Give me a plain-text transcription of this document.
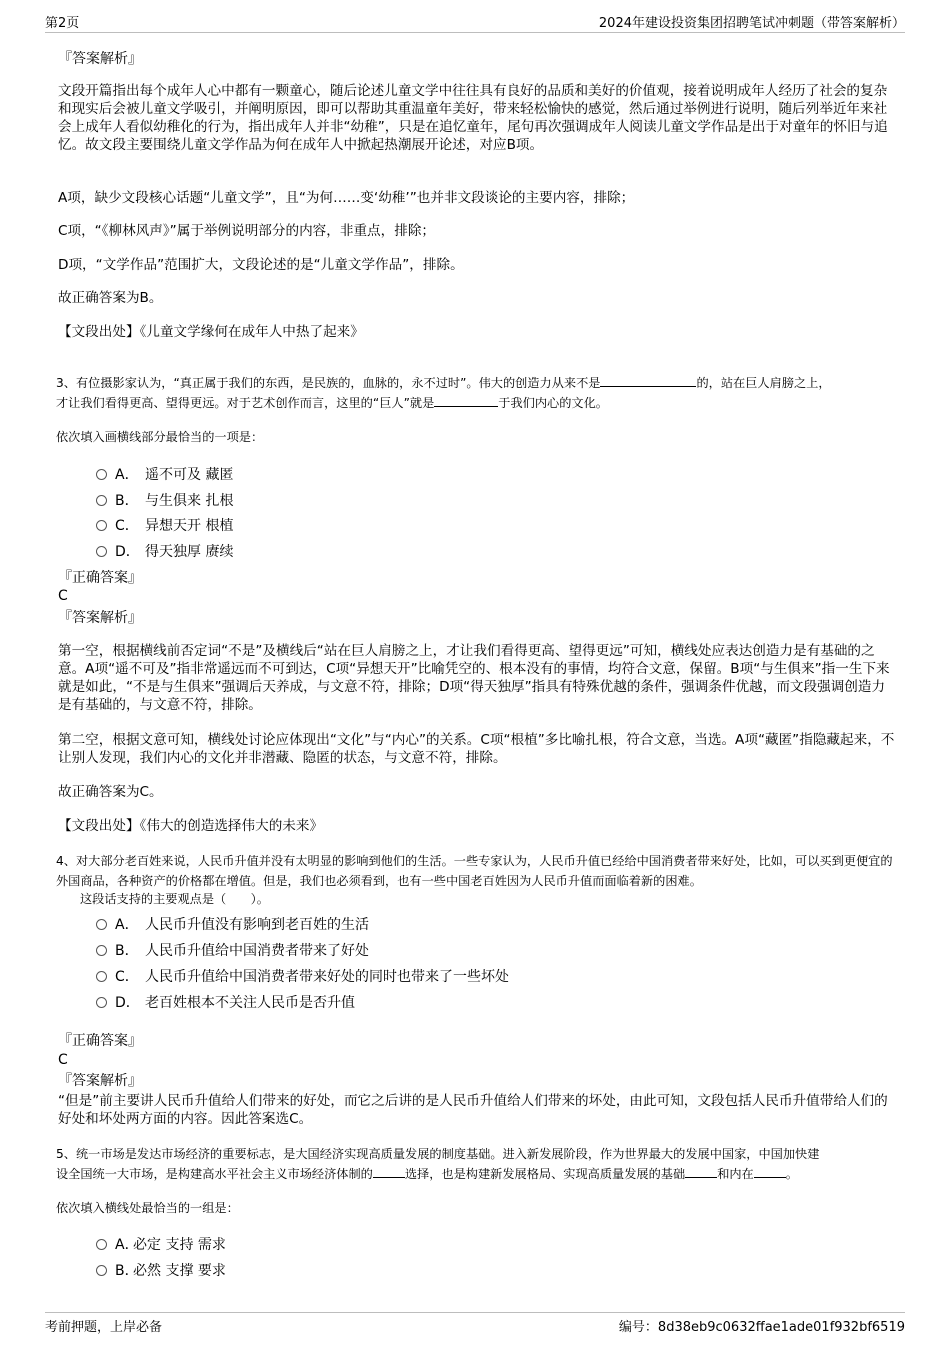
第2页	2024年建设投资集团招聘笔试冲刺题（带答案解析）
『答案解析』
文段开篇指出每个成年人心中都有一颗童心，随后论述儿童文学中往往具有良好的品质和美好的价值观，接着说明成年人经历了社会的复杂和现实后会被儿童文学吸引，并阐明原因，即可以帮助其重温童年美好，带来轻松愉快的感觉，然后通过举例进行说明，随后列举近年来社会上成年人看似幼稚化的行为，指出成年人并非“幼稚”，只是在追忆童年，尾句再次强调成年人阅读儿童文学作品是出于对童年的怀旧与追忆。故文段主要围绕儿童文学作品为何在成年人中掀起热潮展开论述，对应B项。
A项，缺少文段核心话题“儿童文学”，且“为何……变‘幼稚’”也并非文段谈论的主要内容，排除；
C项，“《柳林风声》”属于举例说明部分的内容，非重点，排除；
D项，“文学作品”范围扩大，文段论述的是“儿童文学作品”，排除。
故正确答案为B。
【文段出处】《儿童文学缘何在成年人中热了起来》
3、有位摄影家认为，“真正属于我们的东西，是民族的，血脉的，永不过时”。伟大的创造力从来不是	的，站在巨人肩膀之上，
才让我们看得更高、望得更远。对于艺术创作而言，这里的“巨人”就是	于我们内心的文化。
依次填入画横线部分最恰当的一项是：
A． 遥不可及 藏匿
B． 与生俱来 扎根
C． 异想天开 根植
D． 得天独厚 赓续
『正确答案』
C
『答案解析』
第一空，根据横线前否定词“不是”及横线后“站在巨人肩膀之上，才让我们看得更高、望得更远”可知，横线处应表达创造力是有基础的之意。A项“遥不可及”指非常遥远而不可到达，C项“异想天开”比喻凭空的、根本没有的事情，均符合文意，保留。B项“与生俱来”指一生下来就是如此，“不是与生俱来”强调后天养成，与文意不符，排除；D项“得天独厚”指具有特殊优越的条件，强调条件优越，而文段强调创造力是有基础的，与文意不符，排除。
第二空，根据文意可知，横线处讨论应体现出“文化”与“内心”的关系。C项“根植”多比喻扎根，符合文意，当选。A项“藏匿”指隐藏起来，不让别人发现，我们内心的文化并非潜藏、隐匿的状态，与文意不符，排除。
故正确答案为C。
【文段出处】《伟大的创造选择伟大的未来》
4、对大部分老百姓来说，人民币升值并没有太明显的影响到他们的生活。一些专家认为，人民币升值已经给中国消费者带来好处，比如，可以买到更便宜的外国商品，各种资产的价格都在增值。但是，我们也必须看到，也有一些中国老百姓因为人民币升值而面临着新的困难。
这段话支持的主要观点是（　　）。
A． 人民币升值没有影响到老百姓的生活
B． 人民币升值给中国消费者带来了好处
C． 人民币升值给中国消费者带来好处的同时也带来了一些坏处
D． 老百姓根本不关注人民币是否升值
『正确答案』
C
『答案解析』
“但是”前主要讲人民币升值给人们带来的好处，而它之后讲的是人民币升值给人们带来的坏处，由此可知，文段包括人民币升值带给人们的好处和坏处两方面的内容。因此答案选C。
5、统一市场是发达市场经济的重要标志，是大国经济实现高质量发展的制度基础。进入新发展阶段，作为世界最大的发展中国家，中国加快建
设全国统一大市场，是构建高水平社会主义市场经济体制的	选择，也是构建新发展格局、实现高质量发展的基础	和内在	。
依次填入横线处最恰当的一组是：
A．必定 支持 需求
B．必然 支撑 要求
考前押题，上岸必备	编号：8d38eb9c0632ffae1ade01f932bf6519
